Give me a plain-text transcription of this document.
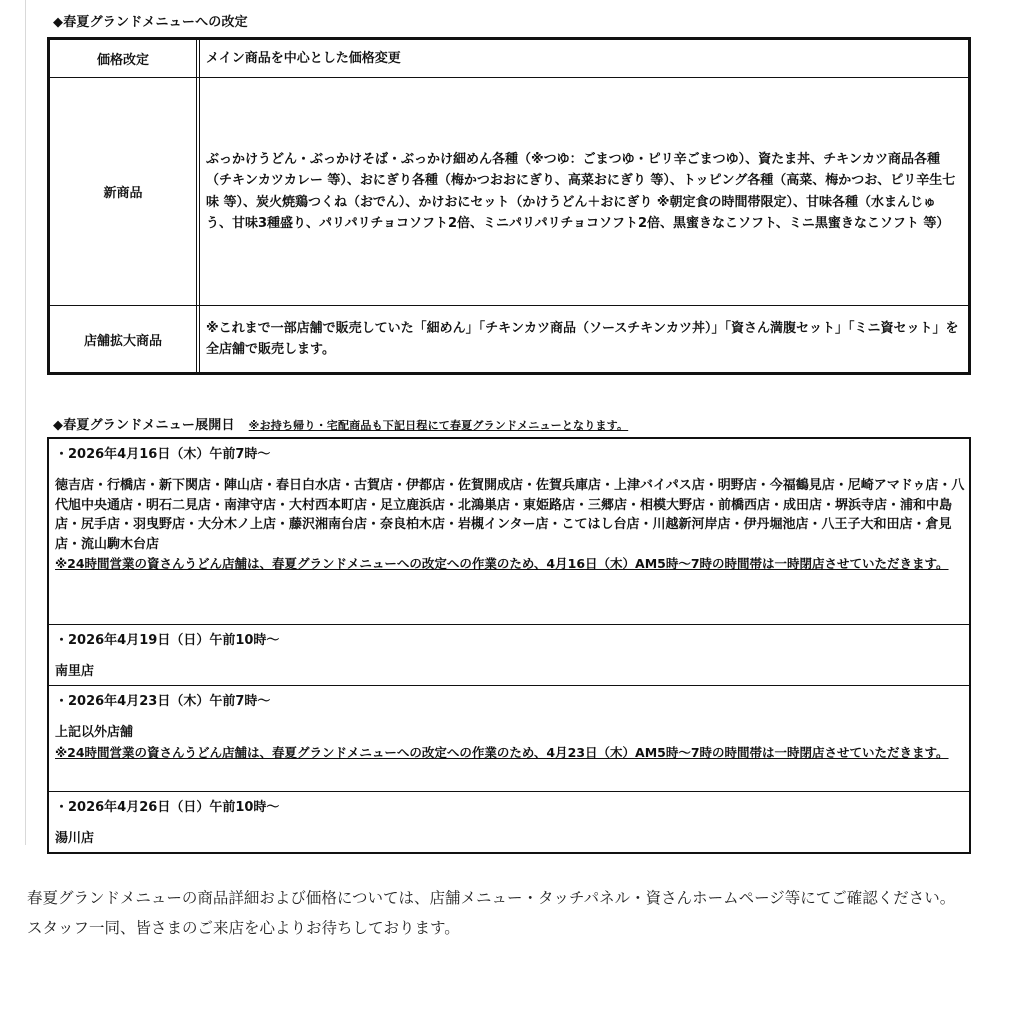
◆春夏グランドメニューへの改定
価格改定	メイン商品を中心とした価格変更
新商品
ぶっかけうどん・ぶっかけそば・ぶっかけ細めん各種（※つゆ：ごまつゆ・ピリ辛ごまつゆ）、資たま丼、チキンカツ商品各種（チキンカツカレー 等）、おにぎり各種（梅かつおおにぎり、高菜おにぎり 等）、トッピング各種（高菜、梅かつお、ピリ辛生七味 等）、炭火焼鶏つくね（おでん）、かけおにセット（かけうどん＋おにぎり ※朝定食の時間帯限定）、甘味各種（水まんじゅう、甘味3種盛り、パリパリチョコソフト2倍、ミニパリパリチョコソフト2倍、黒蜜きなこソフト、ミニ黒蜜きなこソフト 等）
店舗拡大商品
※これまで一部店舗で販売していた「細めん」「チキンカツ商品（ソースチキンカツ丼）」「資さん満腹セット」「ミニ資セット」を全店舗で販売します。
◆春夏グランドメニュー展開日 ※お持ち帰り・宅配商品も下記日程にて春夏グランドメニューとなります。
・2026年4月16日（木）午前7時～
徳吉店・行橋店・新下関店・陣山店・春日白水店・古賀店・伊都店・佐賀開成店・佐賀兵庫店・上津バイパス店・明野店・今福鶴見店・尼崎アマドゥ店・八代旭中央通店・明石二見店・南津守店・大村西本町店・足立鹿浜店・北鴻巣店・東姫路店・三郷店・相模大野店・前橋西店・成田店・堺浜寺店・浦和中島店・尻手店・羽曳野店・大分木ノ上店・藤沢湘南台店・奈良柏木店・岩槻インター店・こてはし台店・川越新河岸店・伊丹堀池店・八王子大和田店・倉見店・流山駒木台店
※24時間営業の資さんうどん店舗は、春夏グランドメニューへの改定への作業のため、4月16日（木）AM5時～7時の時間帯は一時閉店させていただきます。
・2026年4月19日（日）午前10時～
南里店
・2026年4月23日（木）午前7時～
上記以外店舗
※24時間営業の資さんうどん店舗は、春夏グランドメニューへの改定への作業のため、4月23日（木）AM5時～7時の時間帯は一時閉店させていただきます。
・2026年4月26日（日）午前10時～
湯川店

春夏グランドメニューの商品詳細および価格については、店舗メニュー・タッチパネル・資さんホームページ等にてご確認ください。

スタッフ一同、皆さまのご来店を心よりお待ちしております。
